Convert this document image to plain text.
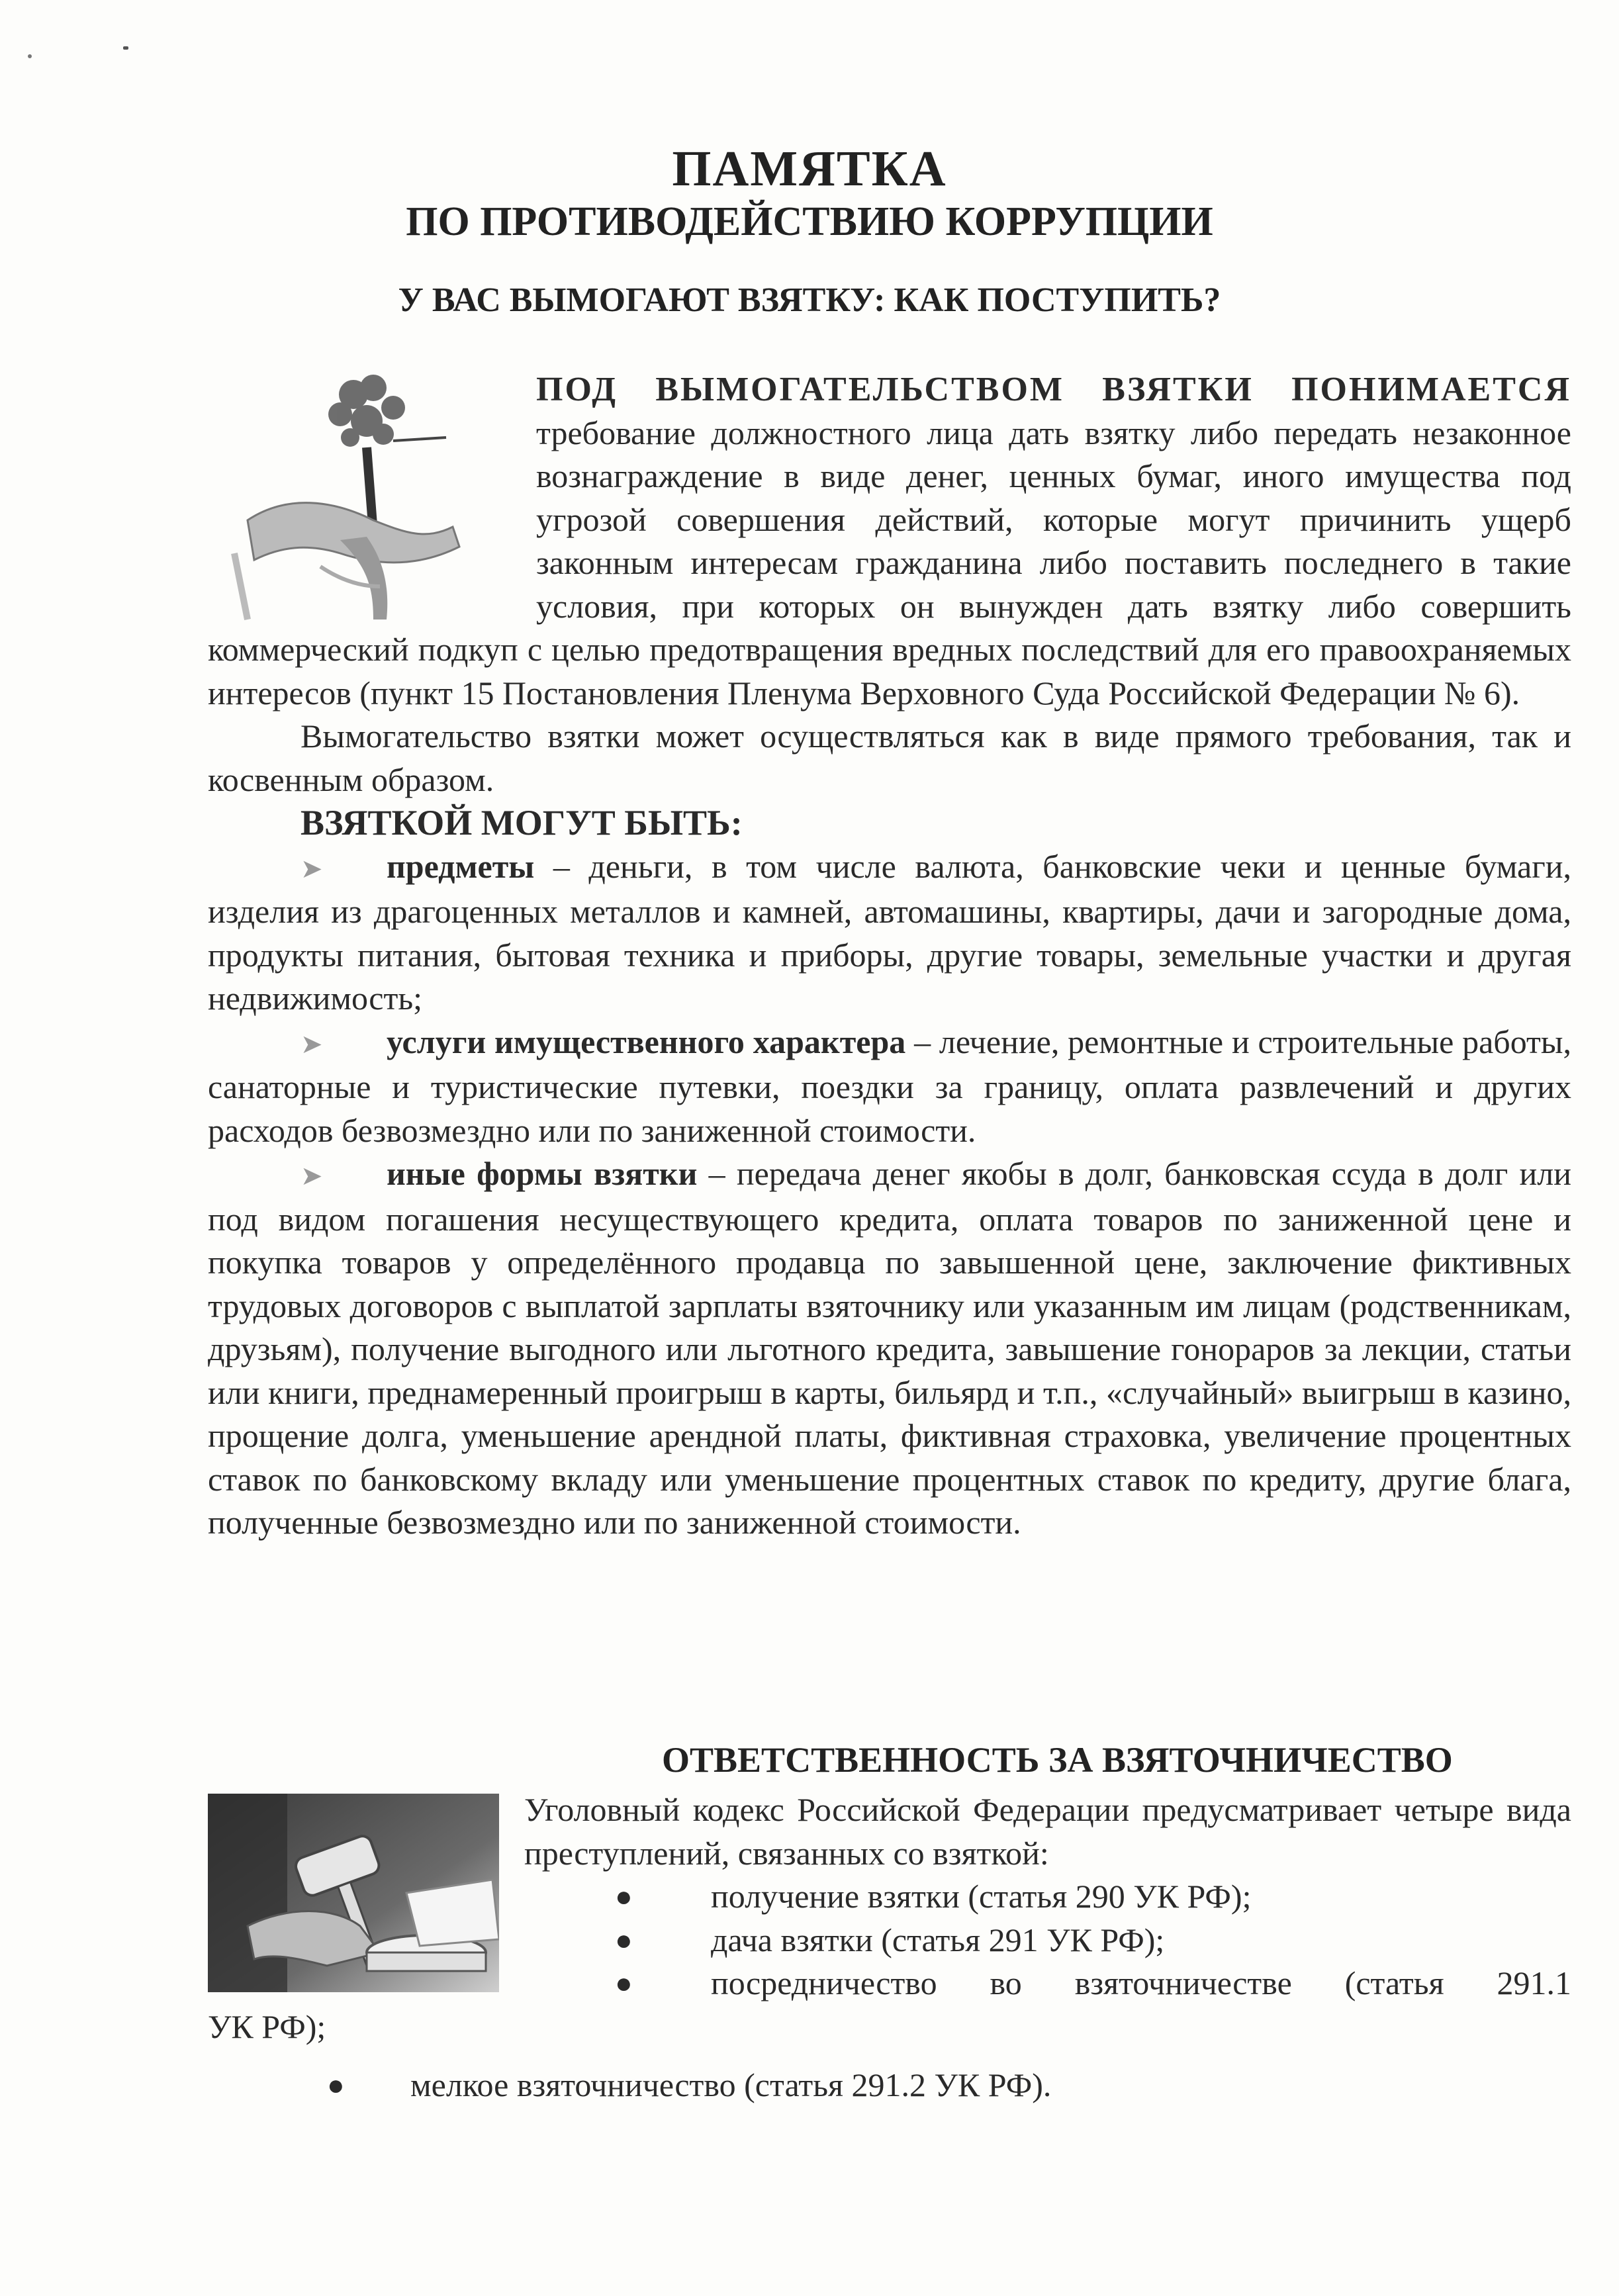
ПАМЯТКА
ПО ПРОТИВОДЕЙСТВИЮ КОРРУПЦИИ
У ВАС ВЫМОГАЮТ ВЗЯТКУ: КАК ПОСТУПИТЬ?

ПОД ВЫМОГАТЕЛЬСТВОМ ВЗЯТКИ ПОНИМАЕТСЯ требование должностного лица дать взятку либо передать незаконное вознаграждение в виде денег, ценных бумаг, иного имущества под угрозой совершения действий, которые могут причинить ущерб законным интересам гражданина либо поставить последнего в такие условия, при которых он вынужден дать взятку либо совершить коммерческий подкуп с целью предотвращения вредных последствий для его правоохраняемых интересов (пункт 15 Постановления Пленума Верховного Суда Российской Федерации № 6).

Вымогательство взятки может осуществляться как в виде прямого требования, так и косвенным образом.

ВЗЯТКОЙ МОГУТ БЫТЬ:

➤ предметы – деньги, в том числе валюта, банковские чеки и ценные бумаги, изделия из драгоценных металлов и камней, автомашины, квартиры, дачи и загородные дома, продукты питания, бытовая техника и приборы, другие товары, земельные участки и другая недвижимость;

➤ услуги имущественного характера – лечение, ремонтные и строительные работы, санаторные и туристические путевки, поездки за границу, оплата развлечений и других расходов безвозмездно или по заниженной стоимости.

➤ иные формы взятки – передача денег якобы в долг, банковская ссуда в долг или под видом погашения несуществующего кредита, оплата товаров по заниженной цене и покупка товаров у определённого продавца по завышенной цене, заключение фиктивных трудовых договоров с выплатой зарплаты взяточнику или указанным им лицам (родственникам, друзьям), получение выгодного или льготного кредита, завышение гонораров за лекции, статьи или книги, преднамеренный проигрыш в карты, бильярд и т.п., «случайный» выигрыш в казино, прощение долга, уменьшение арендной платы, фиктивная страховка, увеличение процентных ставок по банковскому вкладу или уменьшение процентных ставок по кредиту, другие блага, полученные безвозмездно или по заниженной стоимости.

ОТВЕТСТВЕННОСТЬ ЗА ВЗЯТОЧНИЧЕСТВО

Уголовный кодекс Российской Федерации предусматривает четыре вида преступлений, связанных со взяткой:

● получение взятки (статья 290 УК РФ);
● дача взятки (статья 291 УК РФ);
● посредничество во взяточничестве (статья 291.1

УК РФ);

● мелкое взяточничество (статья 291.2 УК РФ).
